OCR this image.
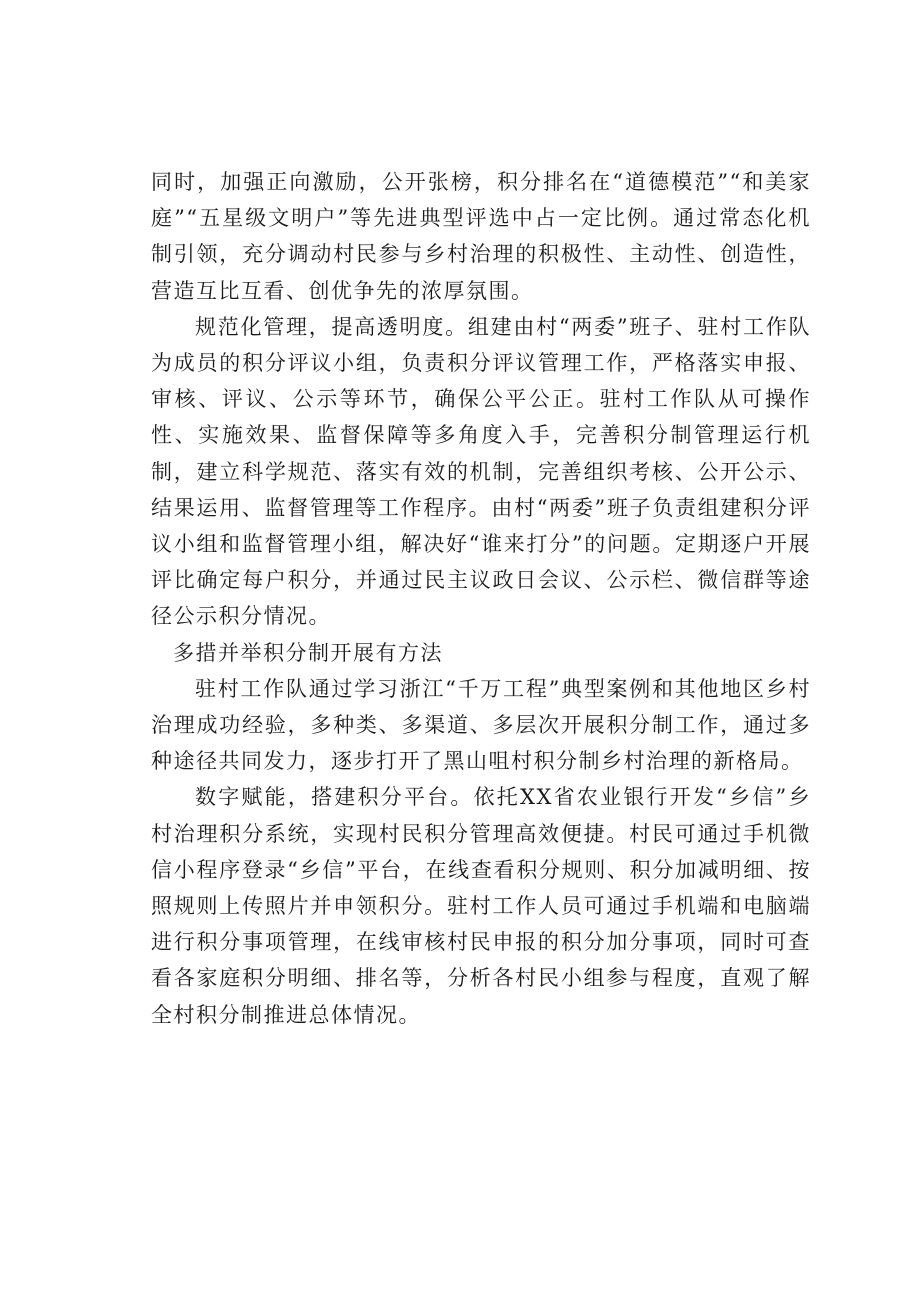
同时，加强正向激励，公开张榜，积分排名在“道德模范”“和美家庭”“五星级文明户”等先进典型评选中占一定比例。通过常态化机制引领，充分调动村民参与乡村治理的积极性、主动性、创造性，营造互比互看、创优争先的浓厚氛围。

规范化管理，提高透明度。组建由村“两委”班子、驻村工作队为成员的积分评议小组，负责积分评议管理工作，严格落实申报、审核、评议、公示等环节，确保公平公正。驻村工作队从可操作性、实施效果、监督保障等多角度入手，完善积分制管理运行机制，建立科学规范、落实有效的机制，完善组织考核、公开公示、结果运用、监督管理等工作程序。由村“两委”班子负责组建积分评议小组和监督管理小组，解决好“谁来打分”的问题。定期逐户开展评比确定每户积分，并通过民主议政日会议、公示栏、微信群等途径公示积分情况。

多措并举积分制开展有方法

驻村工作队通过学习浙江“千万工程”典型案例和其他地区乡村治理成功经验，多种类、多渠道、多层次开展积分制工作，通过多种途径共同发力，逐步打开了黑山咀村积分制乡村治理的新格局。

数字赋能，搭建积分平台。依托XX省农业银行开发“乡信”乡村治理积分系统，实现村民积分管理高效便捷。村民可通过手机微信小程序登录“乡信”平台，在线查看积分规则、积分加减明细、按照规则上传照片并申领积分。驻村工作人员可通过手机端和电脑端进行积分事项管理，在线审核村民申报的积分加分事项，同时可查看各家庭积分明细、排名等，分析各村民小组参与程度，直观了解全村积分制推进总体情况。
